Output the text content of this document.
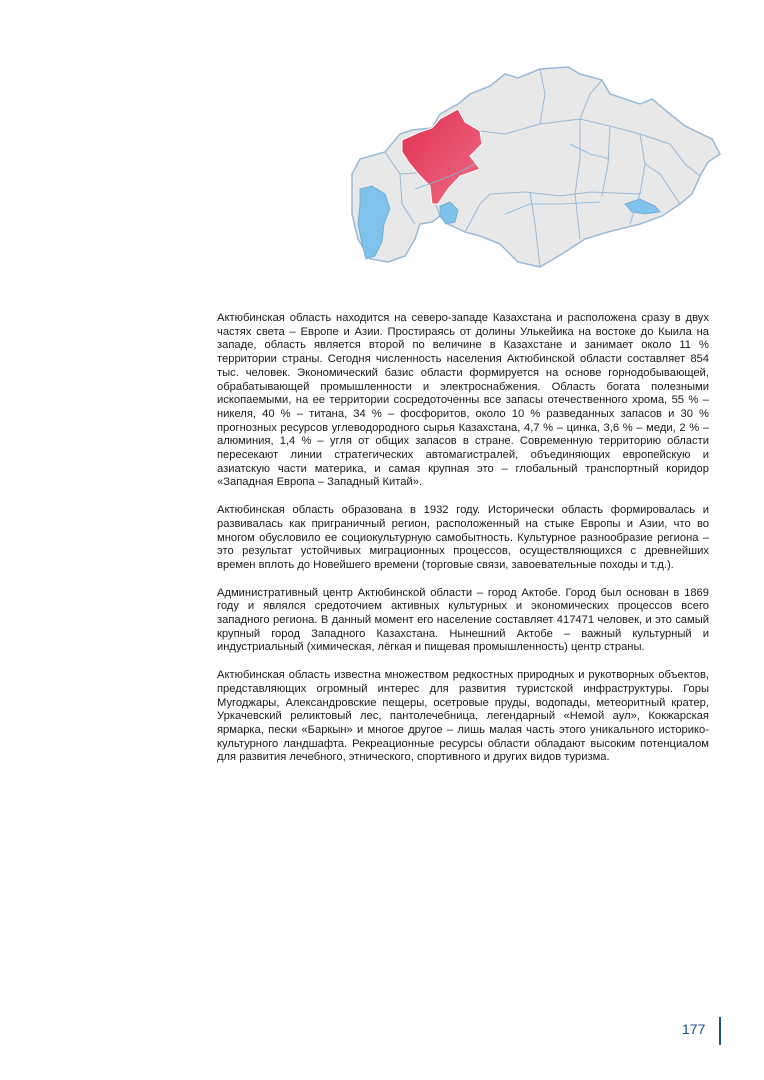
Актюбинская область находится на северо-западе Казахстана и расположена сразу в двух частях света – Европе и Азии. Простираясь от долины Улькейика на востоке до Кыила на западе, область является второй по величине в Казахстане и занимает около 11 % территории страны. Сегодня численность населения Актюбинской области составляет 854 тыс. человек. Экономический базис области формируется на основе горнодобывающей, обрабатывающей промышленности и электроснабжения. Область богата полезными ископаемыми, на ее территории сосредоточенны все запасы отечественного хрома, 55 % – никеля, 40 % – титана, 34 % – фосфоритов, около 10 % разведанных запасов и 30 % прогнозных ресурсов углеводородного сырья Казахстана, 4,7 % – цинка, 3,6 % – меди, 2 % – алюминия, 1,4 % – угля от общих запасов в стране. Современную территорию области пересекают линии стратегических автомагистралей, объединяющих европейскую и азиатскую части материка, и самая крупная это – глобальный транспортный коридор «Западная Европа – Западный Китай».

Актюбинская область образована в 1932 году. Исторически область формировалась и развивалась как приграничный регион, расположенный на стыке Европы и Азии, что во многом обусловило ее социокультурную самобытность. Культурное разнообразие региона – это результат устойчивых миграционных процессов, осуществляющихся с древнейших времен вплоть до Новейшего времени (торговые связи, завоевательные походы и т.д.).

Административный центр Актюбинской области – город Актобе. Город был основан в 1869 году и являлся средоточием активных культурных и экономических процессов всего западного региона. В данный момент его население составляет 417471 человек, и это самый крупный город Западного Казахстана. Нынешний Актобе – важный культурный и индустриальный (химическая, лёгкая и пищевая промышленность) центр страны.

Актюбинская область известна множеством редкостных природных и рукотворных объектов, представляющих огромный интерес для развития туристской инфраструктуры. Горы Мугоджары, Александровские пещеры, осетровые пруды, водопады, метеоритный кратер, Уркачевский реликтовый лес, пантолечебница, легендарный «Немой аул», Кокжарская ярмарка, пески «Баркын» и многое другое – лишь малая часть этого уникального историко-культурного ландшафта. Рекреационные ресурсы области обладают высоким потенциалом для развития лечебного, этнического, спортивного и других видов туризма.

177
